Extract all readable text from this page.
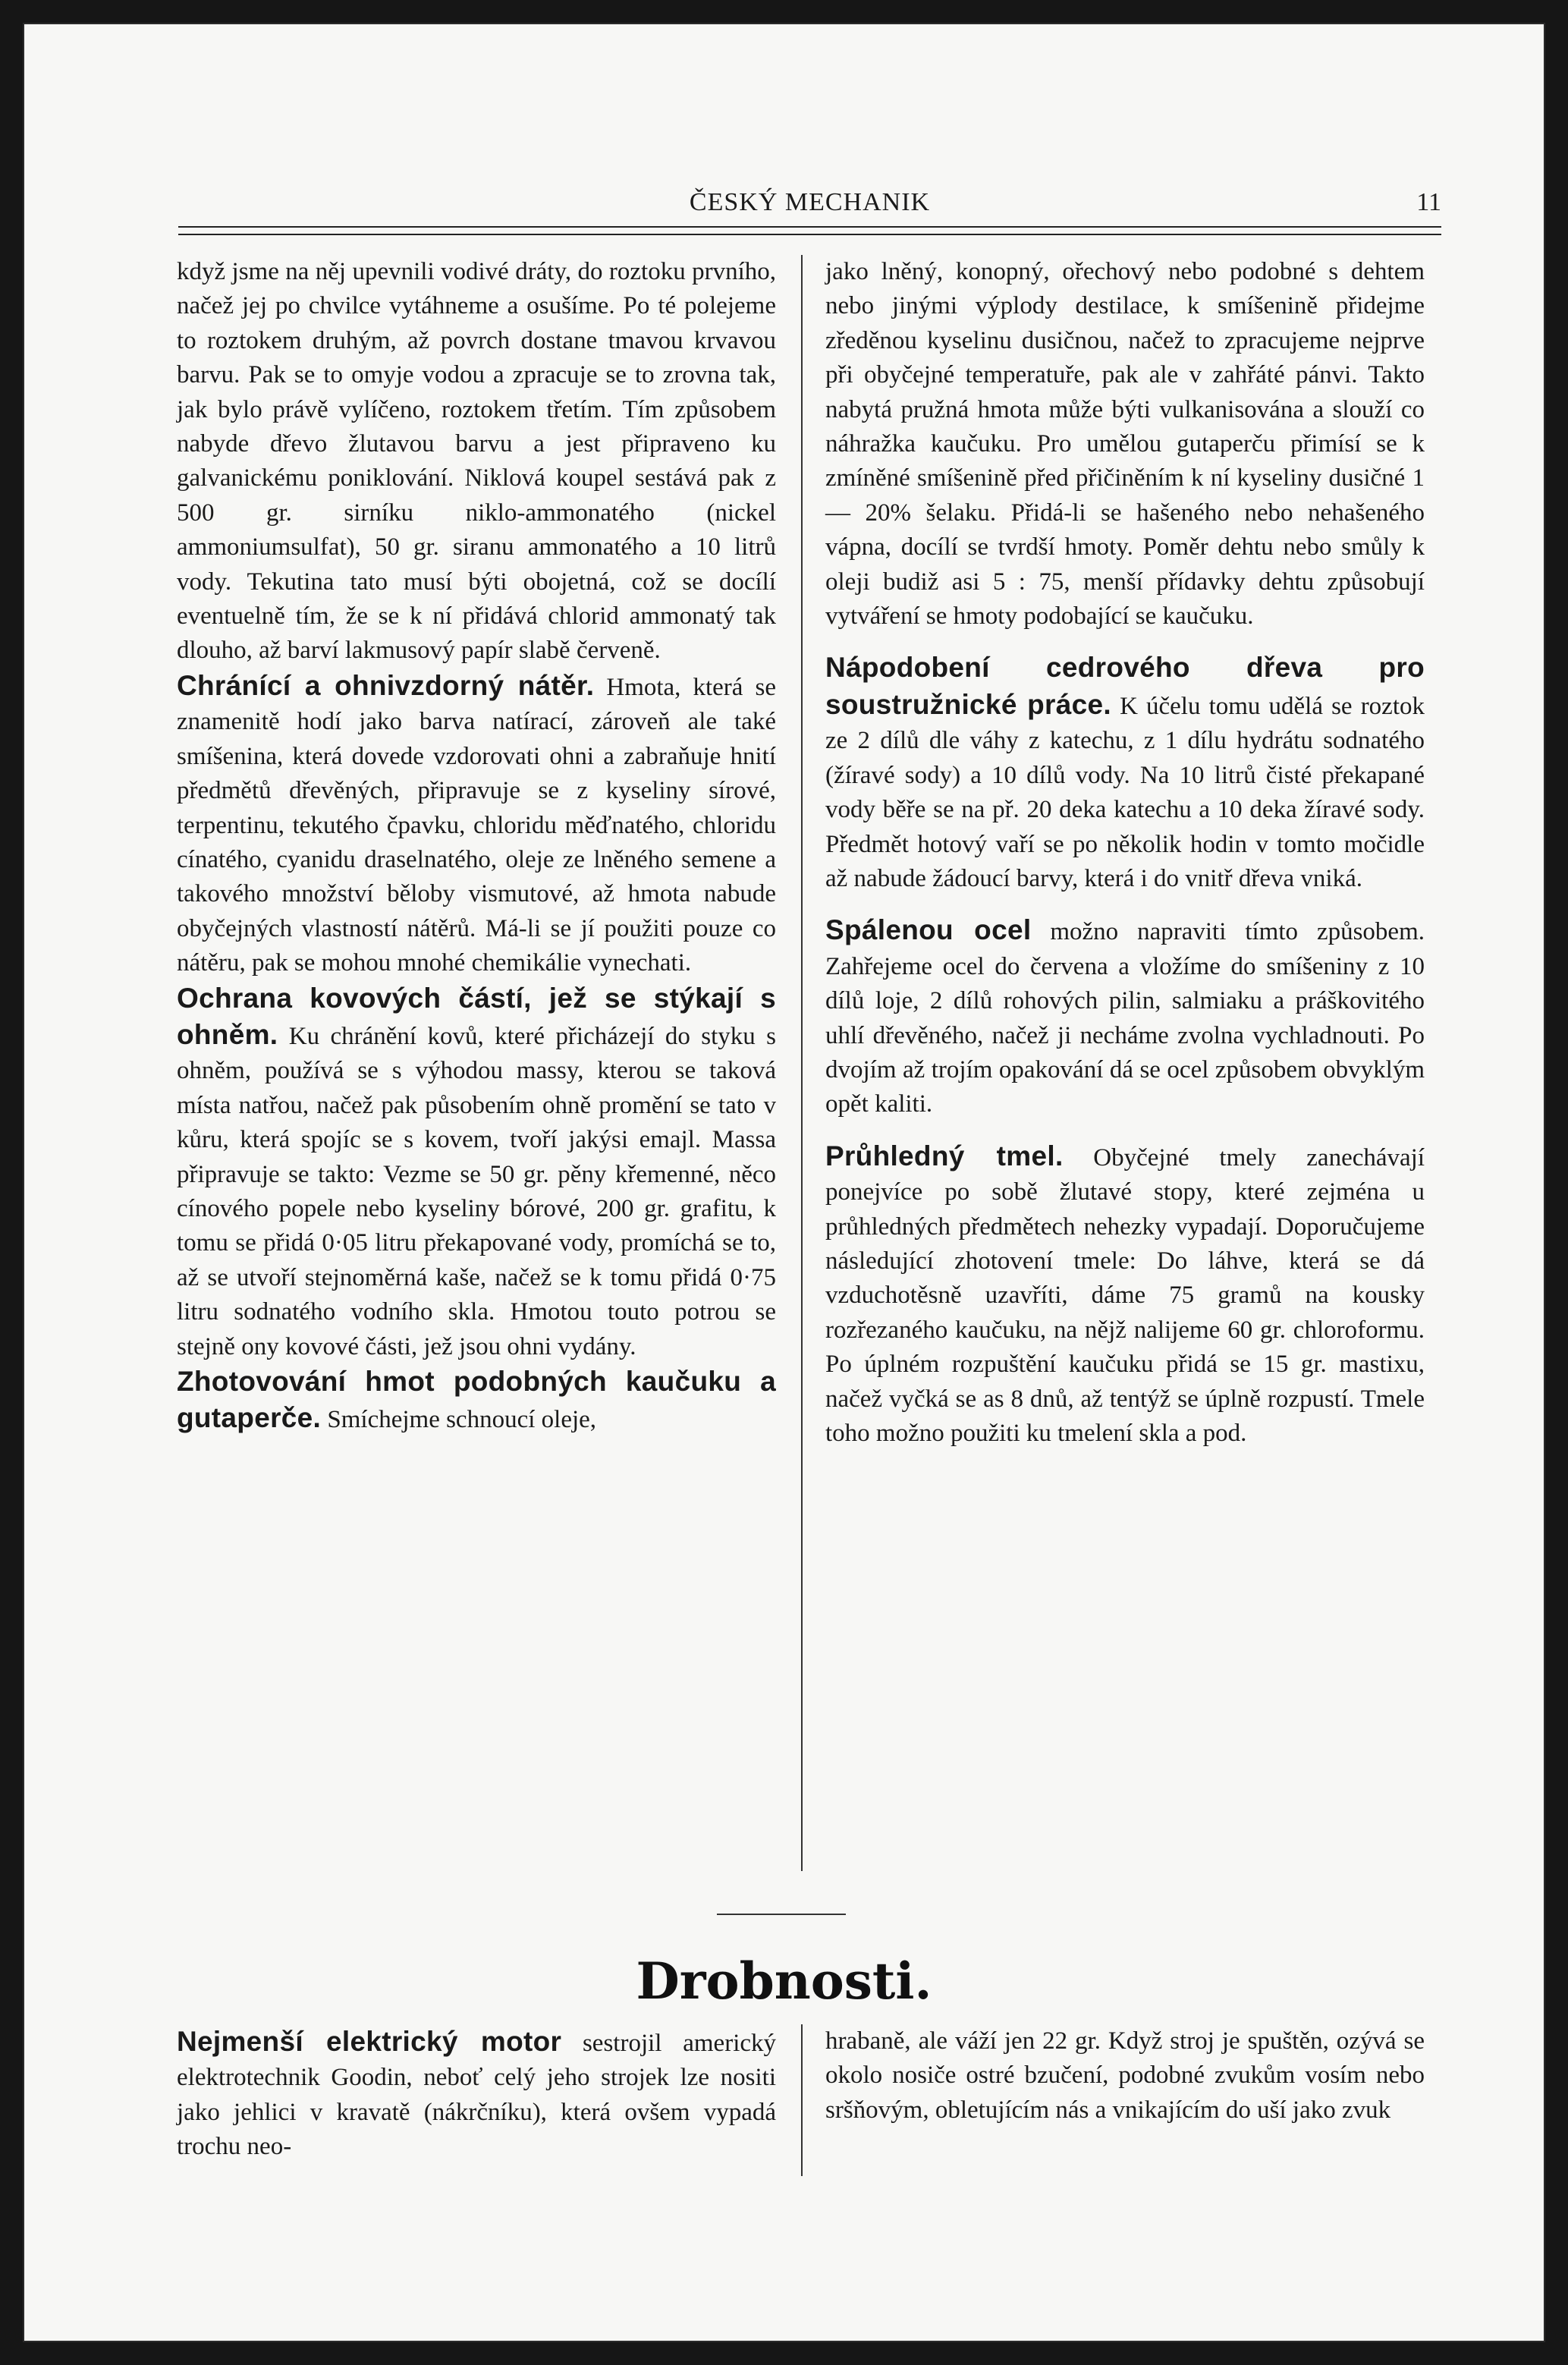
ČESKÝ MECHANIK	11

když jsme na něj upevnili vodivé dráty, do roztoku prvního, načež jej po chvilce vytáhneme a osušíme. Po té polejeme to roztokem druhým, až povrch dostane tmavou krvavou barvu. Pak se to omyje vodou a zpracuje se to zrovna tak, jak bylo právě vylíčeno, roztokem třetím. Tím způsobem nabyde dřevo žlutavou barvu a jest připraveno ku galvanickému poniklování. Niklová koupel sestává pak z 500 gr. sirníku niklo-ammonatého (nickel ammoniumsulfat), 50 gr. siranu ammonatého a 10 litrů vody. Tekutina tato musí býti obojetná, což se docílí eventuelně tím, že se k ní přidává chlorid ammonatý tak dlouho, až barví lakmusový papír slabě červeně.

Chránící a ohnivzdorný nátěr. Hmota, která se znamenitě hodí jako barva natírací, zároveň ale také smíšenina, která dovede vzdorovati ohni a zabraňuje hnití předmětů dřevěných, připravuje se z kyseliny sírové, terpentinu, tekutého čpavku, chloridu měďnatého, chloridu cínatého, cyanidu draselnatého, oleje ze lněného semene a takového množství běloby vismutové, až hmota nabude obyčejných vlastností nátěrů. Má-li se jí použiti pouze co nátěru, pak se mohou mnohé chemikálie vynechati.

Ochrana kovových částí, jež se stýkají s ohněm. Ku chránění kovů, které přicházejí do styku s ohněm, používá se s výhodou massy, kterou se taková místa natřou, načež pak působením ohně promění se tato v kůru, která spojíc se s kovem, tvoří jakýsi emajl. Massa připravuje se takto: Vezme se 50 gr. pěny křemenné, něco cínového popele nebo kyseliny bórové, 200 gr. grafitu, k tomu se přidá 0·05 litru překapované vody, promíchá se to, až se utvoří stejnoměrná kaše, načež se k tomu přidá 0·75 litru sodnatého vodního skla. Hmotou touto potrou se stejně ony kovové části, jež jsou ohni vydány.

Zhotovování hmot podobných kaučuku a gutaperče. Smíchejme schnoucí oleje,

jako lněný, konopný, ořechový nebo podobné s dehtem nebo jinými výplody destilace, k smíšenině přidejme zředěnou kyselinu dusičnou, načež to zpracujeme nejprve při obyčejné temperatuře, pak ale v zahřáté pánvi. Takto nabytá pružná hmota může býti vulkanisována a slouží co náhražka kaučuku. Pro umělou gutaperču přimísí se k zmíněné smíšenině před přičiněním k ní kyseliny dusičné 1 — 20% šelaku. Přidá-li se hašeného nebo nehašeného vápna, docílí se tvrdší hmoty. Poměr dehtu nebo smůly k oleji budiž asi 5 : 75, menší přídavky dehtu způsobují vytváření se hmoty podobající se kaučuku.

Nápodobení cedrového dřeva pro soustružnické práce. K účelu tomu udělá se roztok ze 2 dílů dle váhy z katechu, z 1 dílu hydrátu sodnatého (žíravé sody) a 10 dílů vody. Na 10 litrů čisté překapané vody běře se na př. 20 deka katechu a 10 deka žíravé sody. Předmět hotový vaří se po několik hodin v tomto močidle až nabude žádoucí barvy, která i do vnitř dřeva vniká.

Spálenou ocel možno napraviti tímto způsobem. Zahřejeme ocel do červena a vložíme do smíšeniny z 10 dílů loje, 2 dílů rohových pilin, salmiaku a práškovitého uhlí dřevěného, načež ji necháme zvolna vychladnouti. Po dvojím až trojím opakování dá se ocel způsobem obvyklým opět kaliti.

Průhledný tmel. Obyčejné tmely zanechávají ponejvíce po sobě žlutavé stopy, které zejména u průhledných předmětech nehezky vypadají. Doporučujeme následující zhotovení tmele: Do láhve, která se dá vzduchotěsně uzavříti, dáme 75 gramů na kousky rozřezaného kaučuku, na nějž nalijeme 60 gr. chloroformu. Po úplném rozpuštění kaučuku přidá se 15 gr. mastixu, načež vyčká se as 8 dnů, až tentýž se úplně rozpustí. Tmele toho možno použiti ku tmelení skla a pod.

Drobnosti.

Nejmenší elektrický motor sestrojil americký elektrotechnik Goodin, neboť celý jeho strojek lze nositi jako jehlici v kravatě (nákrčníku), která ovšem vypadá trochu neo-

hrabaně, ale váží jen 22 gr. Když stroj je spuštěn, ozývá se okolo nosiče ostré bzučení, podobné zvukům vosím nebo sršňovým, obletujícím nás a vnikajícím do uší jako zvuk
